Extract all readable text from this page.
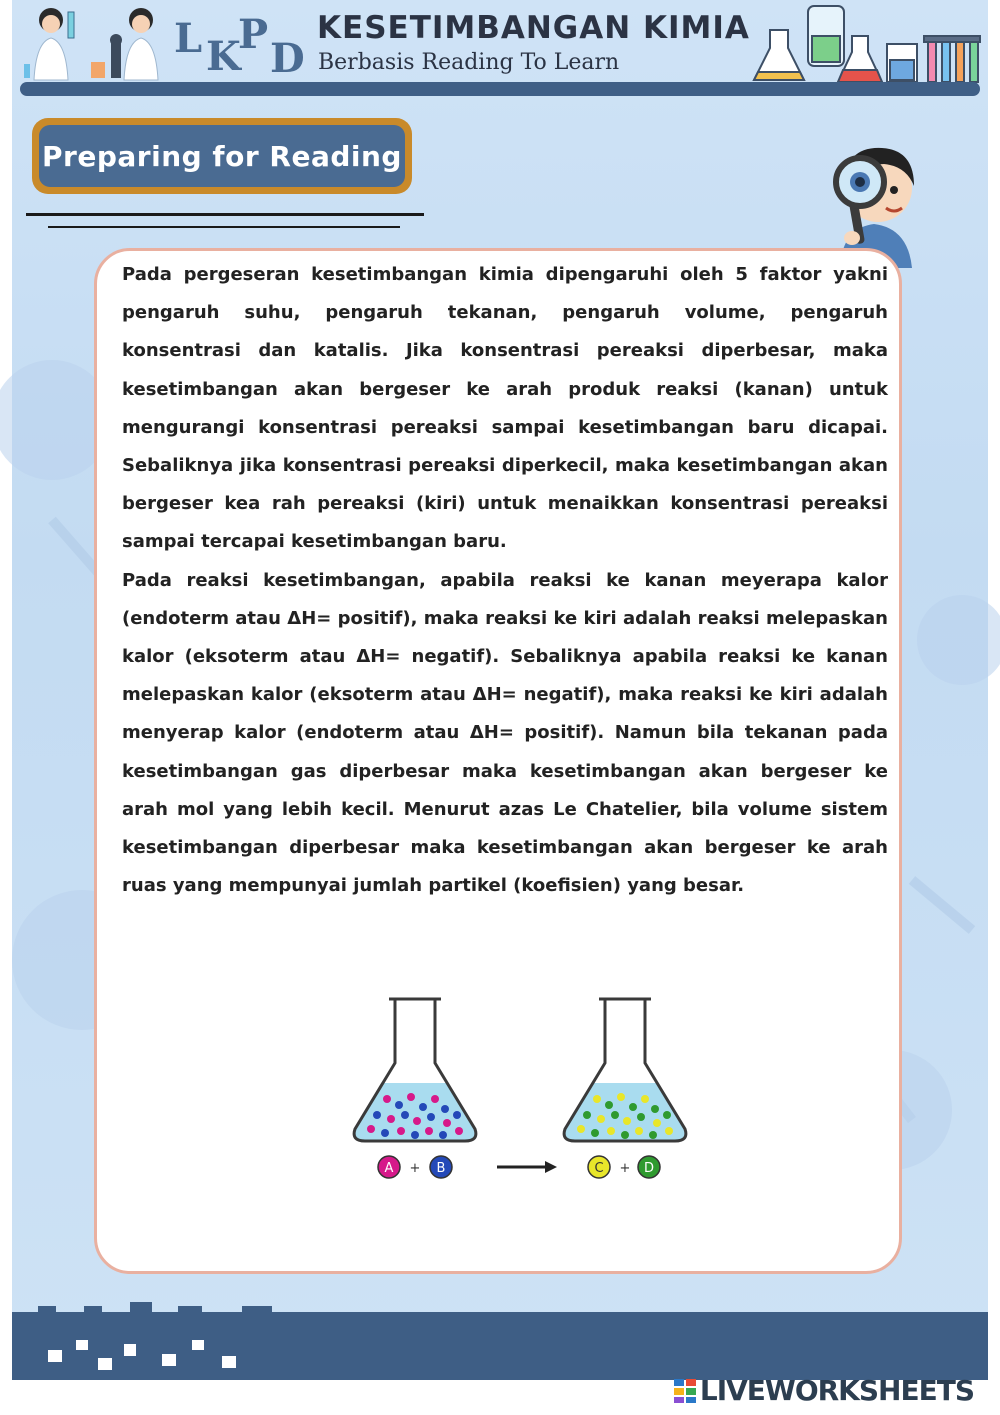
L K
P
D
KESETIMBANGAN KIMIA
Berbasis Reading To Learn
Preparing for Reading

Pada pergeseran kesetimbangan kimia dipengaruhi oleh 5 faktor yakni pengaruh suhu, pengaruh tekanan, pengaruh volume, pengaruh konsentrasi dan katalis. Jika konsentrasi pereaksi diperbesar, maka kesetimbangan akan bergeser ke arah produk reaksi (kanan) untuk mengurangi konsentrasi pereaksi sampai kesetimbangan baru dicapai. Sebaliknya jika konsentrasi pereaksi diperkecil, maka kesetimbangan akan bergeser kea rah pereaksi (kiri) untuk menaikkan konsentrasi pereaksi sampai tercapai kesetimbangan baru.

Pada reaksi kesetimbangan, apabila reaksi ke kanan meyerapa kalor (endoterm atau ΔH= positif), maka reaksi ke kiri adalah reaksi melepaskan kalor (eksoterm atau ΔH= negatif). Sebaliknya apabila reaksi ke kanan melepaskan kalor (eksoterm atau ΔH= negatif), maka reaksi ke kiri adalah menyerap kalor (endoterm atau ΔH= positif). Namun bila tekanan pada kesetimbangan gas diperbesar maka kesetimbangan akan bergeser ke arah mol yang lebih kecil. Menurut azas Le Chatelier, bila volume sistem kesetimbangan diperbesar maka kesetimbangan akan bergeser ke arah ruas yang mempunyai jumlah partikel (koefisien) yang besar.

A + B	C + D
LIVEWORKSHEETS
